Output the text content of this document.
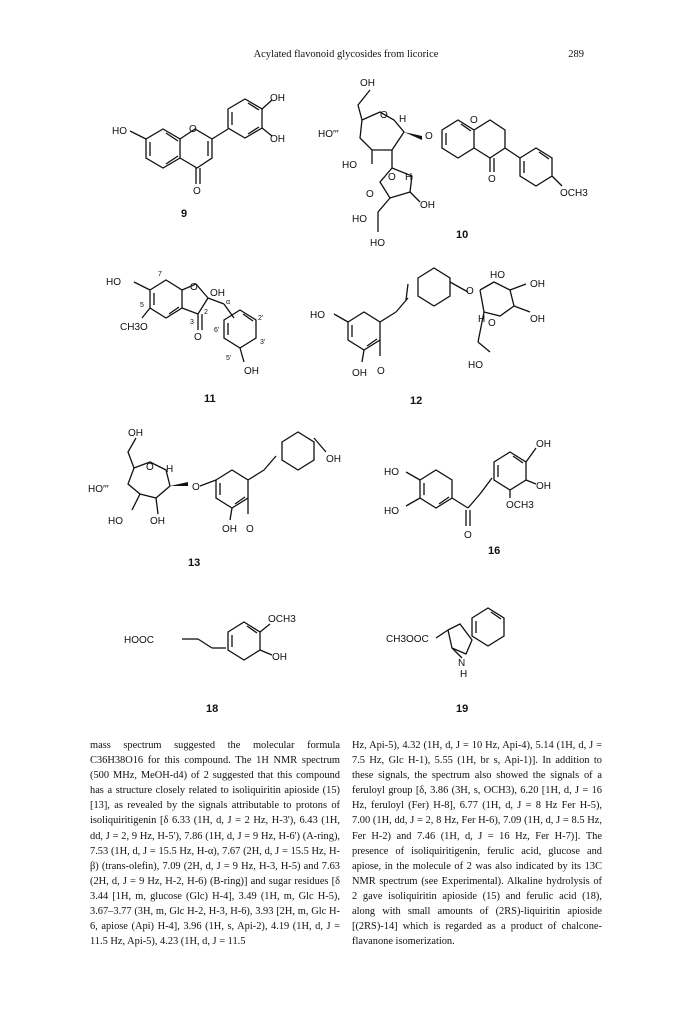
Acylated flavonoid glycosides from licorice	289
HO	O
O
OH
OH
9
OH
O H
HO′′′
HO
O H
O
OH
HO
HO
O
O
O
OCH3
10
HO
7
5
O
OH
2
3
α
2'
3'
6'
5'
CH3O
O
OH
11
HO
OH O
O
HO
OH
H O	OH
HO
12
OH
O H
HO′′′	O
HO	OH
OH O
OH
13
HO
HO
O
OH
OH
OCH3
16
HOOC
OCH3
OH
18
CH3OOC
N
H
19

mass spectrum suggested the molecular formula C36H38O16 for this compound. The 1H NMR spectrum (500 MHz, MeOH-d4) of 2 suggested that this compound has a structure closely related to isoliquiritin apioside (15) [13], as revealed by the signals attributable to protons of isoliquiritigenin [δ 6.33 (1H, d, J = 2 Hz, H-3'), 6.43 (1H, dd, J = 2, 9 Hz, H-5'), 7.86 (1H, d, J = 9 Hz, H-6') (A-ring), 7.53 (1H, d, J = 15.5 Hz, H-α), 7.67 (2H, d, J = 15.5 Hz, H-β) (trans-olefin), 7.09 (2H, d, J = 9 Hz, H-3, H-5) and 7.63 (2H, d, J = 9 Hz, H-2, H-6) (B-ring)] and sugar residues [δ 3.44 [1H, m, glucose (Glc) H-4], 3.49 (1H, m, Glc H-5), 3.67–3.77 (3H, m, Glc H-2, H-3, H-6), 3.93 [2H, m, Glc H-6, apiose (Api) H-4], 3.96 (1H, s, Api-2), 4.19 (1H, d, J = 11.5 Hz, Api-5), 4.23 (1H, d, J = 11.5

Hz, Api-5), 4.32 (1H, d, J = 10 Hz, Api-4), 5.14 (1H, d, J = 7.5 Hz, Glc H-1), 5.55 (1H, br s, Api-1)]. In addition to these signals, the spectrum also showed the signals of a feruloyl group [δ, 3.86 (3H, s, OCH3), 6.20 [1H, d, J = 16 Hz, feruloyl (Fer) H-8], 6.77 (1H, d, J = 8 Hz Fer H-5), 7.00 (1H, dd, J = 2, 8 Hz, Fer H-6), 7.09 (1H, d, J = 8.5 Hz, Fer H-2) and 7.46 (1H, d, J = 16 Hz, Fer H-7)]. The presence of isoliquiritigenin, ferulic acid, glucose and apiose, in the molecule of 2 was also indicated by its 13C NMR spectrum (see Experimental). Alkaline hydrolysis of 2 gave isoliquiritin apioside (15) and ferulic acid (18), along with small amounts of (2RS)-liquiritin apioside [(2RS)-14] which is regarded as a product of chalcone-flavanone isomerization.
